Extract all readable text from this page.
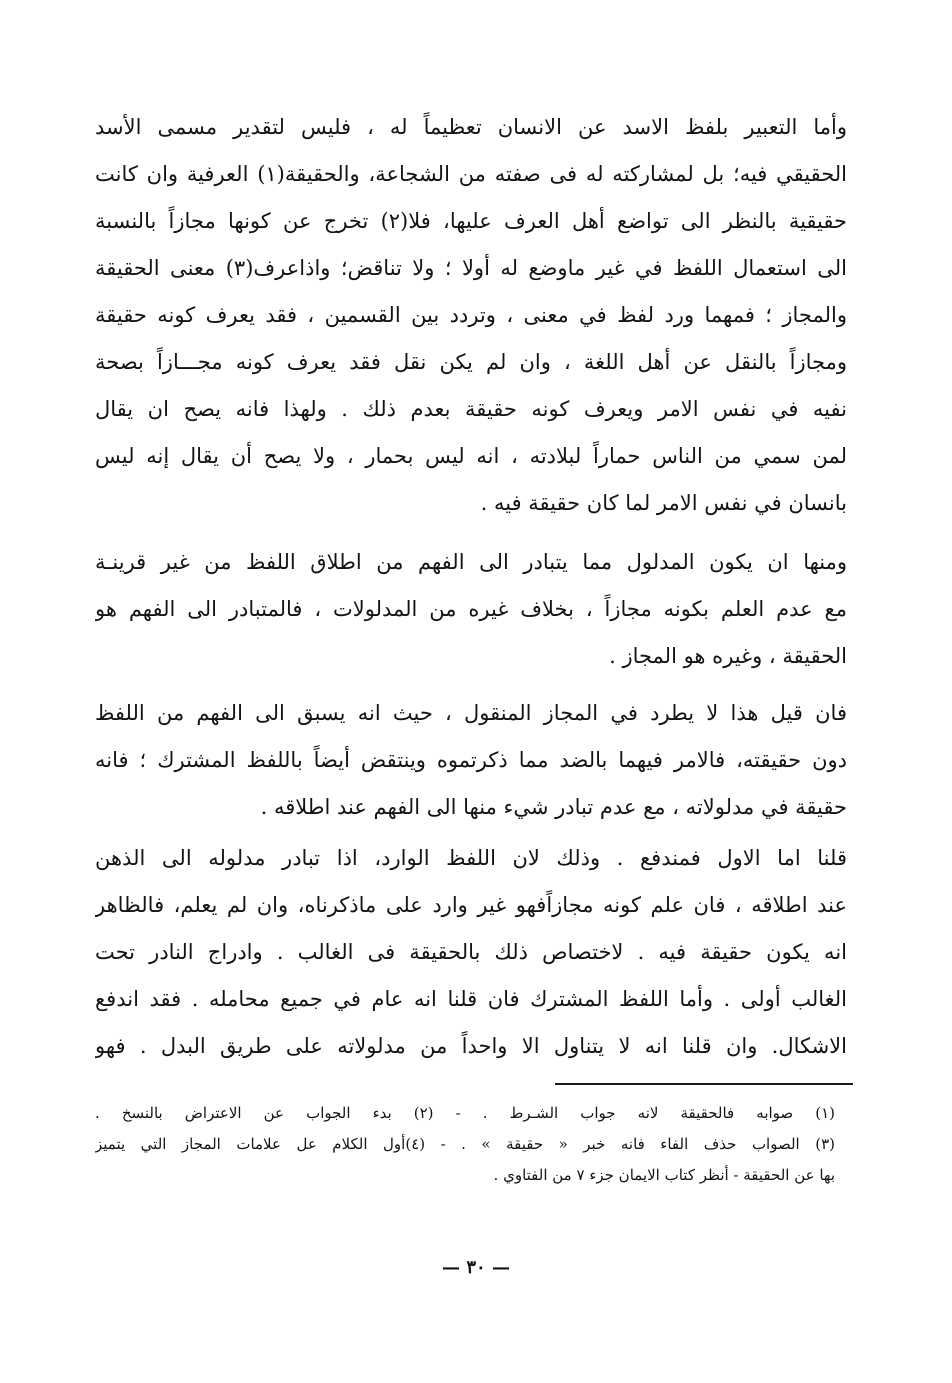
وأما التعبير بلفظ الاسد عن الانسان تعظيماً له ، فليس لتقدير مسمى الأسد
الحقيقي فيه؛ بل لمشاركته له فى صفته من الشجاعة، والحقيقة(١) العرفية وان كانت
حقيقية بالنظر الى تواضع أهل العرف عليها، فلا(٢) تخرج عن كونها مجازاً بالنسبة
الى استعمال اللفظ في غير ماوضع له أولا ؛ ولا تناقض؛ واذاعرف(٣) معنى الحقيقة
والمجاز ؛ فمهما ورد لفظ في معنى ، وتردد بين القسمين ، فقد يعرف كونه حقيقة
ومجازاً بالنقل عن أهل اللغة ، وان لم يكن نقل فقد يعرف كونه مجـــازاً بصحة
نفيه في نفس الامر ويعرف كونه حقيقة بعدم ذلك . ولهذا فانه يصح ان يقال
لمن سمي من الناس حماراً لبلادته ، انه ليس بحمار ، ولا يصح أن يقال إنه ليس
بانسان في نفس الامر لما كان حقيقة فيه .
ومنها ان يكون المدلول مما يتبادر الى الفهم من اطلاق اللفظ من غير قرينـة
مع عدم العلم بكونه مجازاً ، بخلاف غيره من المدلولات ، فالمتبادر الى الفهم هو
الحقيقة ، وغيره هو المجاز .
فان قيل هذا لا يطرد في المجاز المنقول ، حيث انه يسبق الى الفهم من اللفظ
دون حقيقته، فالامر فيهما بالضد مما ذكرتموه وينتقض أيضاً باللفظ المشترك ؛ فانه
حقيقة في مدلولاته ، مع عدم تبادر شيء منها الى الفهم عند اطلاقه .
قلنا اما الاول فمندفع . وذلك لان اللفظ الوارد، اذا تبادر مدلوله الى الذهن
عند اطلاقه ، فان علم كونه مجازاًفهو غير وارد على ماذكرناه، وان لم يعلم، فالظاهر
انه يكون حقيقة فيه . لاختصاص ذلك بالحقيقة فى الغالب . وادراج النادر تحت
الغالب أولى . وأما اللفظ المشترك فان قلنا انه عام في جميع محامله . فقد اندفع
الاشكال. وان قلنا انه لا يتناول الا واحداً من مدلولاته على طريق البدل . فهو
(١) صوابه فالحقيقة لانه جواب الشـرط . - (٢) بدء الجواب عن الاعتراض بالنسخ .
(٣) الصواب حذف الفاء فانه خبر « حقيقة » . - (٤)أول الكلام عل علامات المجاز التي يتميز
بها عن الحقيقة - أنظر كتاب الايمان جزء ٧ من الفتاوي .
— ٣٠ —
